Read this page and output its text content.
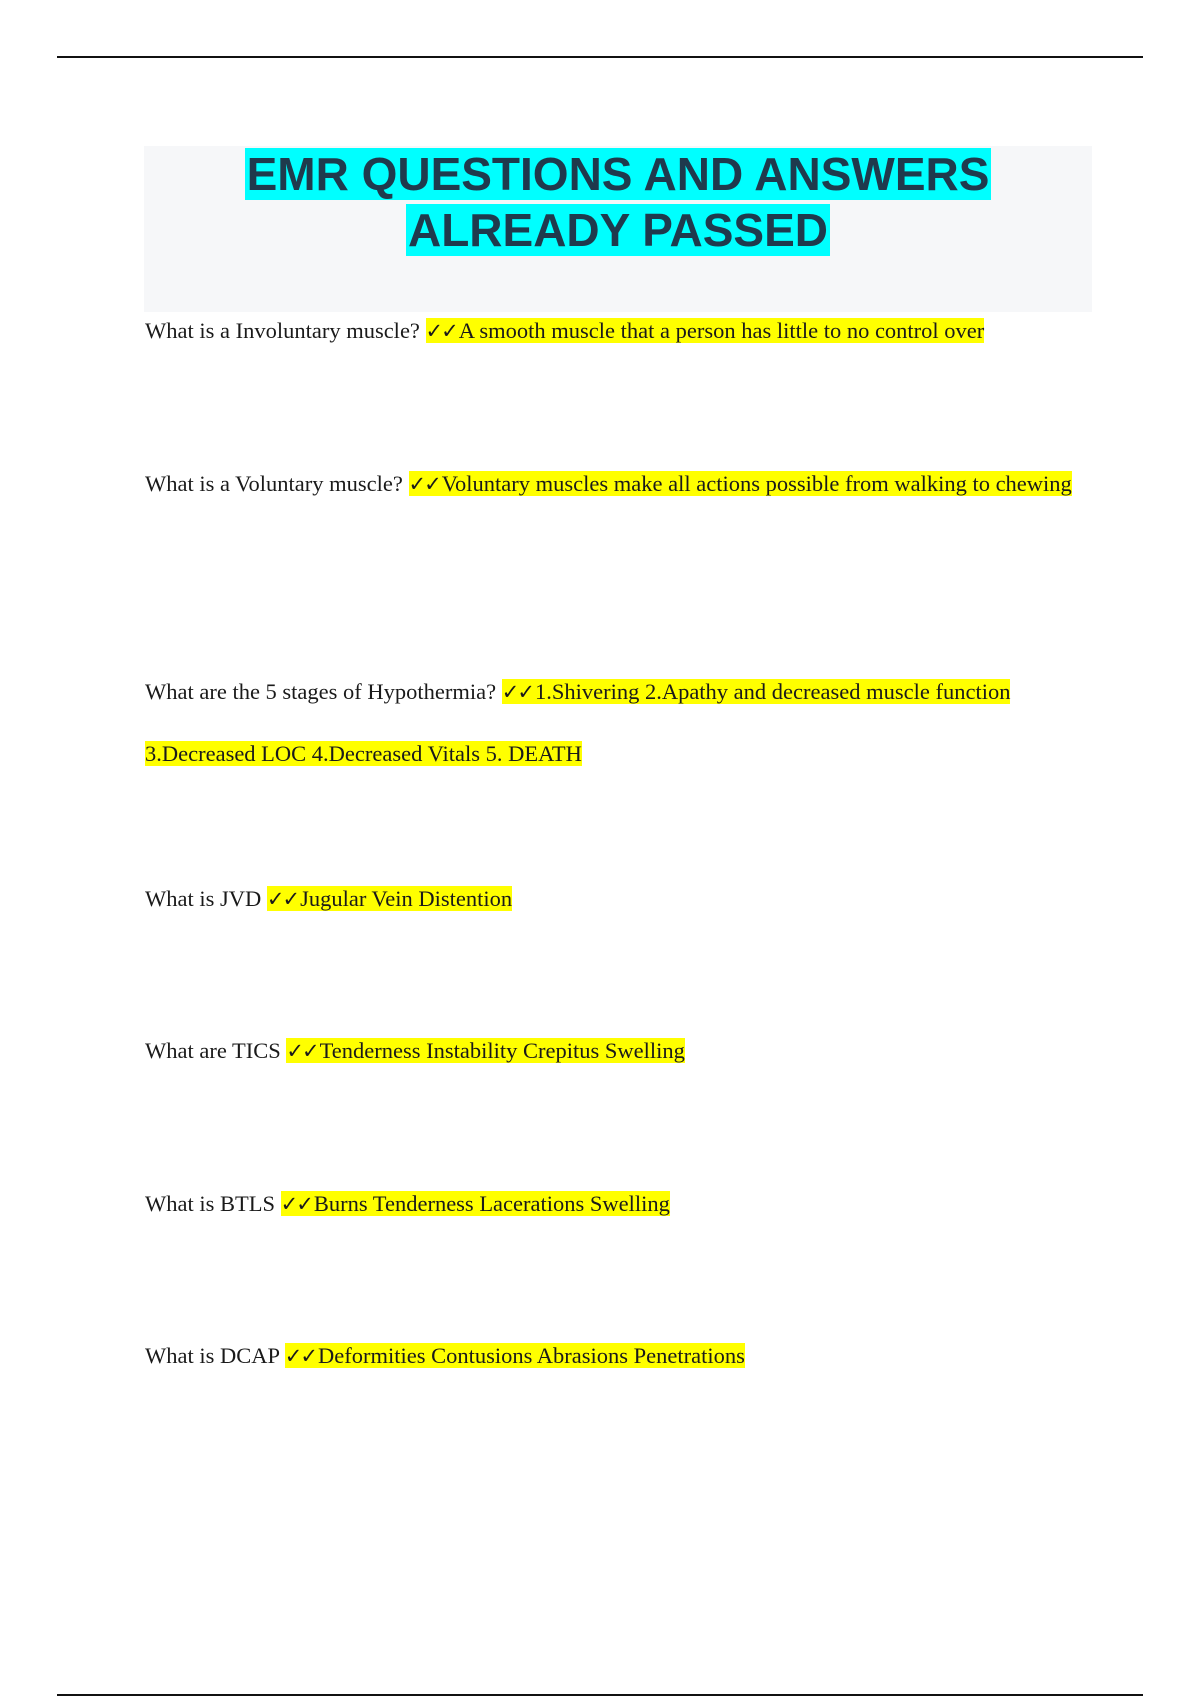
EMR QUESTIONS AND ANSWERS
ALREADY PASSED
What is a Involuntary muscle? ✓✓A smooth muscle that a person has little to no control over
What is a Voluntary muscle? ✓✓Voluntary muscles make all actions possible from walking to chewing
What are the 5 stages of Hypothermia? ✓✓1.Shivering 2.Apathy and decreased muscle function 3.Decreased LOC 4.Decreased Vitals 5. DEATH
What is JVD ✓✓Jugular Vein Distention
What are TICS ✓✓Tenderness Instability Crepitus Swelling
What is BTLS ✓✓Burns Tenderness Lacerations Swelling
What is DCAP ✓✓Deformities Contusions Abrasions Penetrations
